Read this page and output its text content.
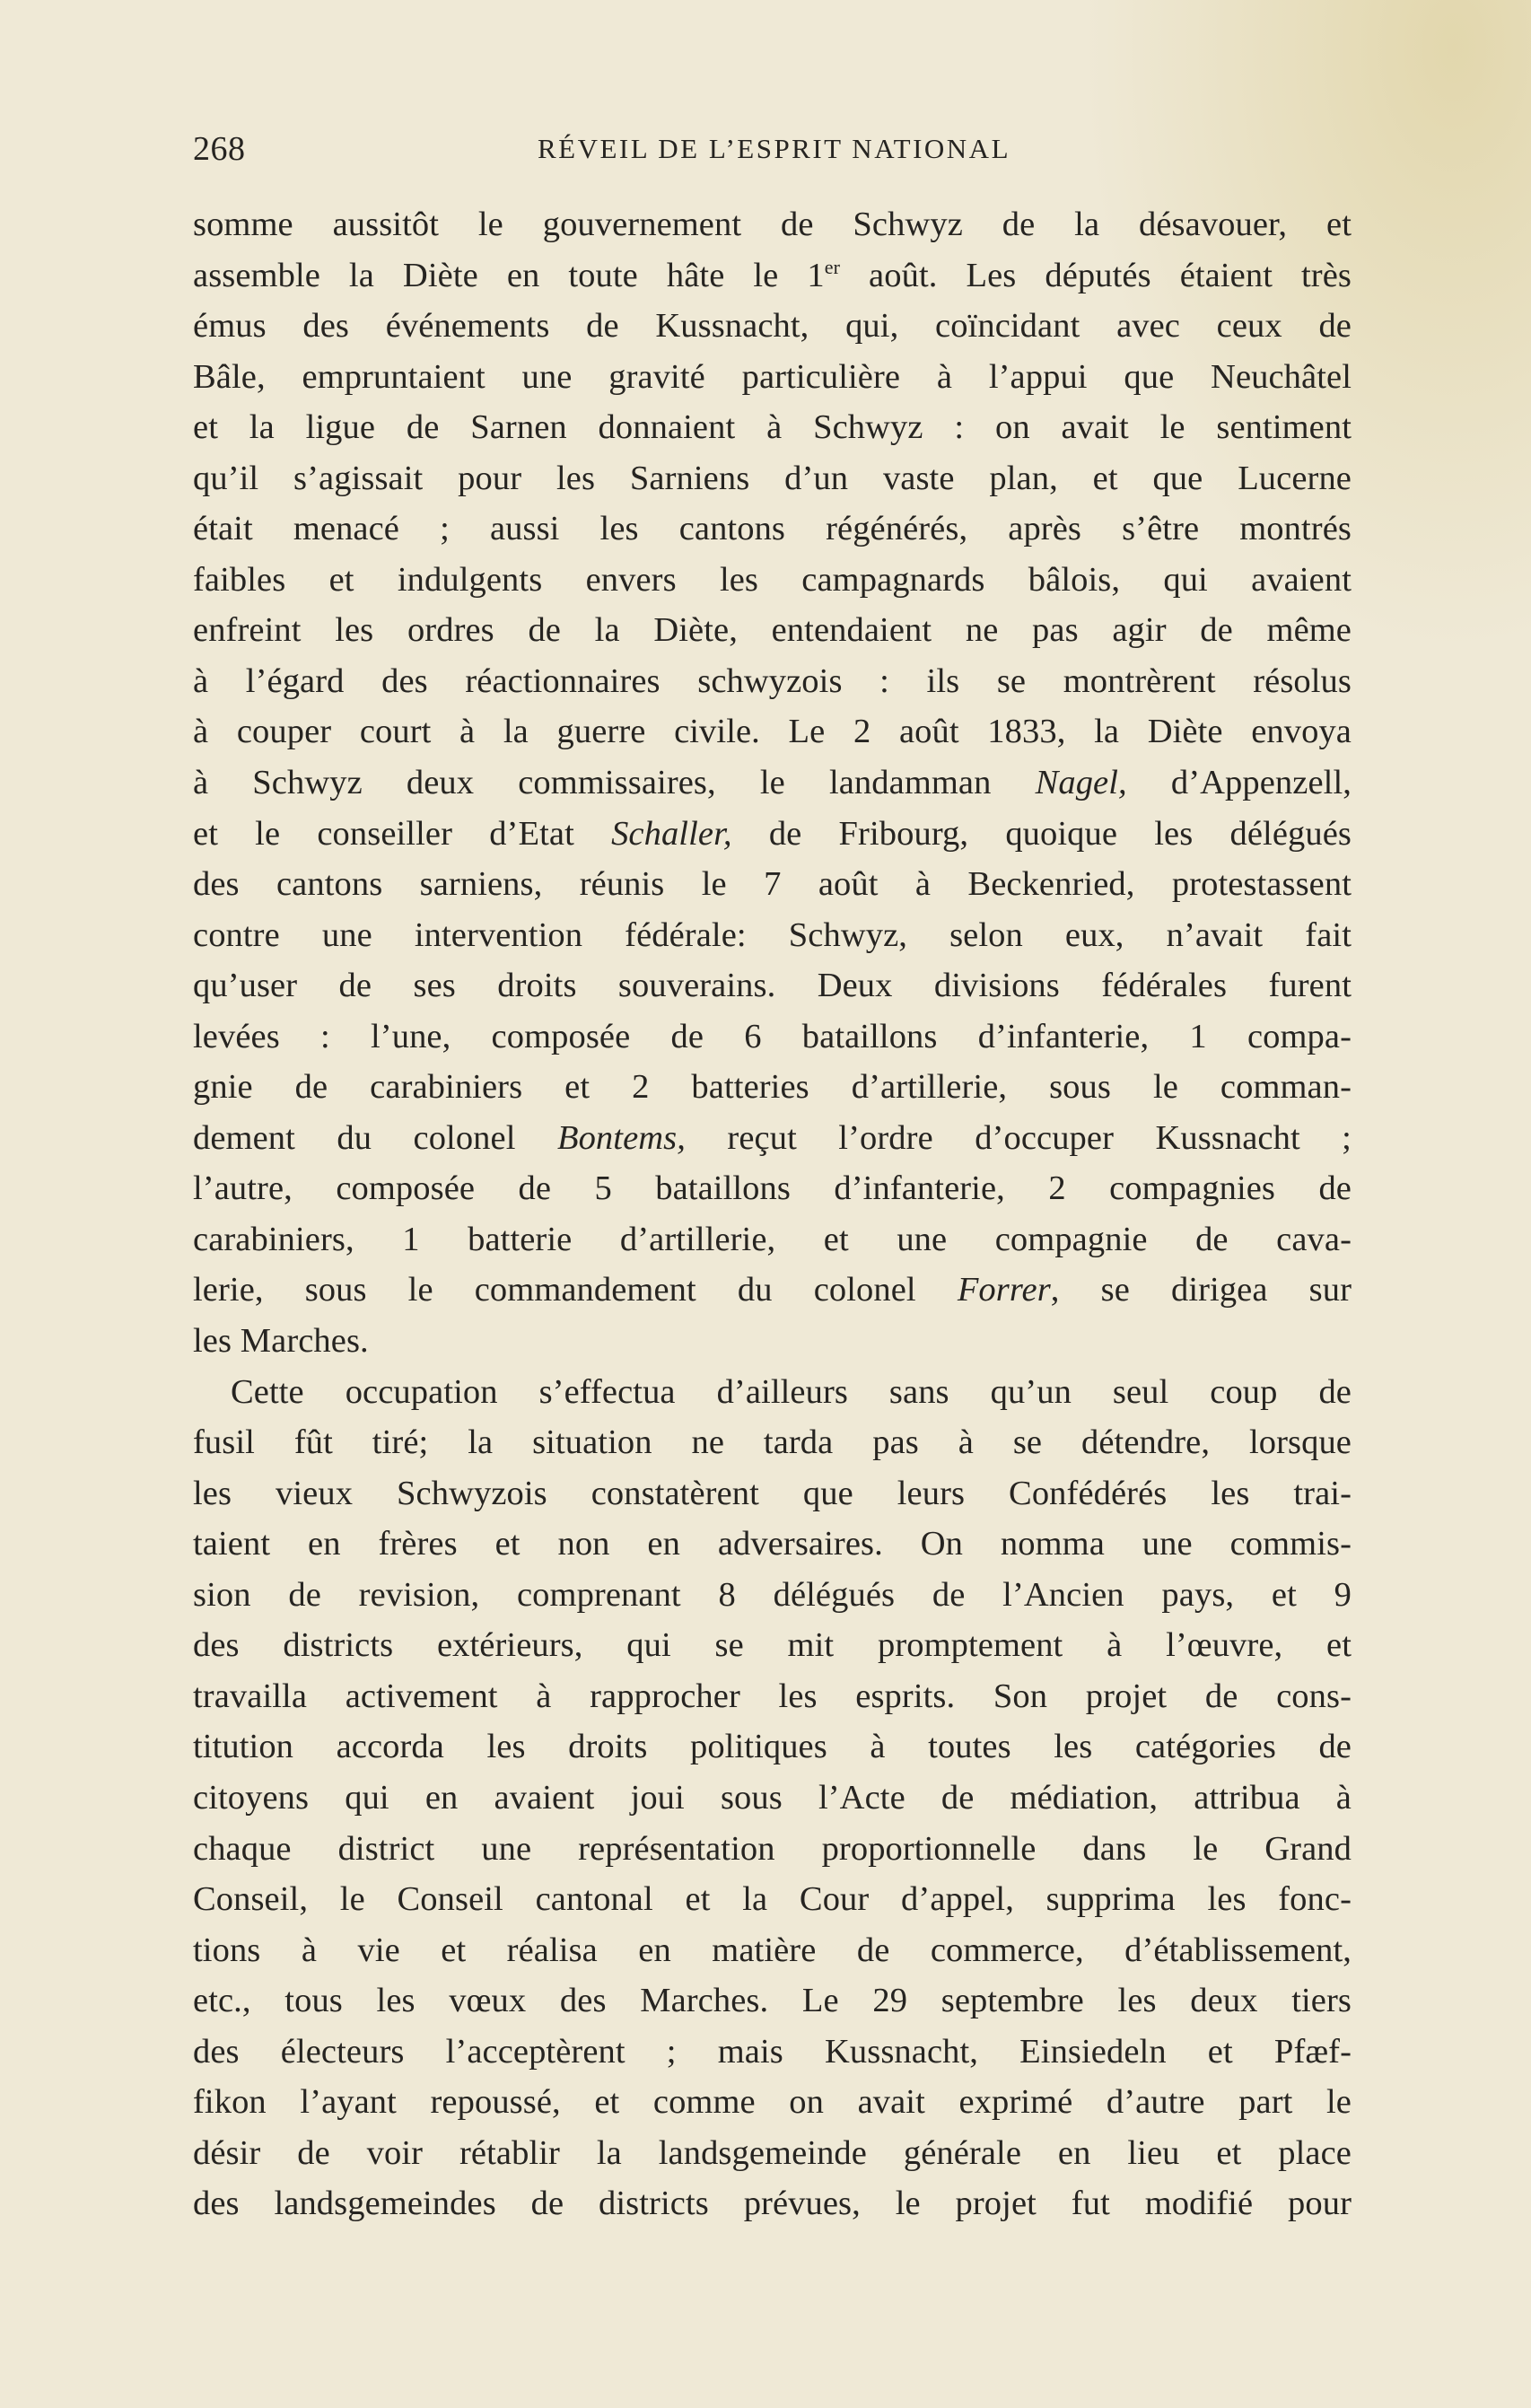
268	RÉVEIL DE L’ESPRIT NATIONAL
somme aussitôt le gouvernement de Schwyz de la désavouer, et
assemble la Diète en toute hâte le 1er août. Les députés étaient très
émus des événements de Kussnacht, qui, coïncidant avec ceux de
Bâle, empruntaient une gravité particulière à l’appui que Neuchâtel
et la ligue de Sarnen donnaient à Schwyz : on avait le sentiment
qu’il s’agissait pour les Sarniens d’un vaste plan, et que Lucerne
était menacé ; aussi les cantons régénérés, après s’être montrés
faibles et indulgents envers les campagnards bâlois, qui avaient
enfreint les ordres de la Diète, entendaient ne pas agir de même
à l’égard des réactionnaires schwyzois : ils se montrèrent résolus
à couper court à la guerre civile. Le 2 août 1833, la Diète envoya
à Schwyz deux commissaires, le landamman Nagel, d’Appenzell,
et le conseiller d’Etat Schaller, de Fribourg, quoique les délégués
des cantons sarniens, réunis le 7 août à Beckenried, protestassent
contre une intervention fédérale: Schwyz, selon eux, n’avait fait
qu’user de ses droits souverains. Deux divisions fédérales furent
levées : l’une, composée de 6 bataillons d’infanterie, 1 compa-
gnie de carabiniers et 2 batteries d’artillerie, sous le comman-
dement du colonel Bontems, reçut l’ordre d’occuper Kussnacht ;
l’autre, composée de 5 bataillons d’infanterie, 2 compagnies de
carabiniers, 1 batterie d’artillerie, et une compagnie de cava-
lerie, sous le commandement du colonel Forrer, se dirigea sur
les Marches.
Cette occupation s’effectua d’ailleurs sans qu’un seul coup de
fusil fût tiré; la situation ne tarda pas à se détendre, lorsque
les vieux Schwyzois constatèrent que leurs Confédérés les trai-
taient en frères et non en adversaires. On nomma une commis-
sion de revision, comprenant 8 délégués de l’Ancien pays, et 9
des districts extérieurs, qui se mit promptement à l’œuvre, et
travailla activement à rapprocher les esprits. Son projet de cons-
titution accorda les droits politiques à toutes les catégories de
citoyens qui en avaient joui sous l’Acte de médiation, attribua à
chaque district une représentation proportionnelle dans le Grand
Conseil, le Conseil cantonal et la Cour d’appel, supprima les fonc-
tions à vie et réalisa en matière de commerce, d’établissement,
etc., tous les vœux des Marches. Le 29 septembre les deux tiers
des électeurs l’acceptèrent ; mais Kussnacht, Einsiedeln et Pfæf-
fikon l’ayant repoussé, et comme on avait exprimé d’autre part le
désir de voir rétablir la landsgemeinde générale en lieu et place
des landsgemeindes de districts prévues, le projet fut modifié pour
